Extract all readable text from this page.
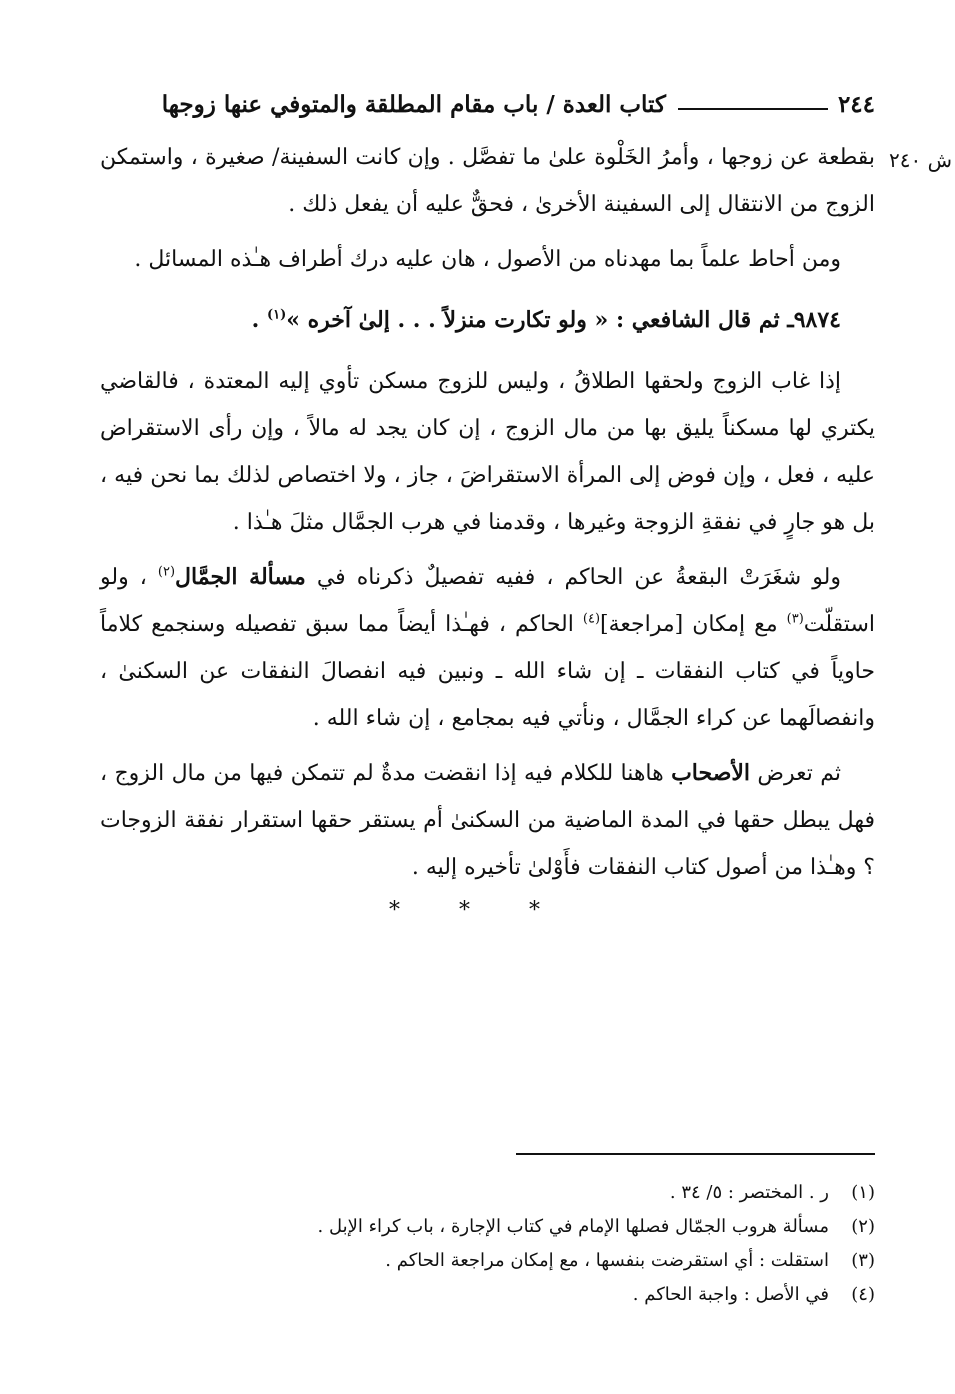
٢٤٤
كتاب العدة / باب مقام المطلقة والمتوفي عنها زوجها
ش ٢٤٠

بقطعة عن زوجها ، وأمرُ الخَلْوة علىٰ ما تفصَّل . وإن كانت السفينة/ صغيرة ، واستمكن الزوج من الانتقال إلى السفينة الأخرىٰ ، فحقٌّ عليه أن يفعل ذلك .

ومن أحاط علماً بما مهدناه من الأصول ، هان عليه درك أطراف هـٰذه المسائل .

٩٨٧٤ـ ثم قال الشافعي : « ولو تكارت منزلاً . . . إلىٰ آخره »$^{(١)}$ .

إذا غاب الزوج ولحقها الطلاقُ ، وليس للزوج مسكن تأوي إليه المعتدة ، فالقاضي يكتري لها مسكناً يليق بها من مال الزوج ، إن كان يجد له مالاً ، وإن رأى الاستقراض عليه ، فعل ، وإن فوض إلى المرأة الاستقراضَ ، جاز ، ولا اختصاص لذلك بما نحن فيه ، بل هو جارٍ في نفقةِ الزوجة وغيرها ، وقدمنا في هرب الجمَّال مثلَ هـٰذا .

ولو شغَرَتْ البقعةُ عن الحاكم ، ففيه تفصيلٌ ذكرناه في مسألة الجمَّال$^{(٢)}$ ، ولو استقلّت$^{(٣)}$ مع إمكان [مراجعة]$^{(٤)}$ الحاكم ، فهـٰذا أيضاً مما سبق تفصيله وسنجمع كلاماً حاوياً في كتاب النفقات ـ إن شاء الله ـ ونبين فيه انفصالَ النفقات عن السكنىٰ ، وانفصالَهما عن كراء الجمَّال ، ونأتي فيه بمجامع ، إن شاء الله .

ثم تعرض الأصحاب هاهنا للكلام فيه إذا انقضت مدةٌ لم تتمكن فيها من مال الزوج ، فهل يبطل حقها في المدة الماضية من السكنىٰ أم يستقر حقها استقرار نفقة الزوجات ؟ وهـٰذا من أصول كتاب النفقات فأَوْلىٰ تأخيره إليه .

* * *
(١)
ر . المختصر : ٥/ ٣٤ .
(٢)
مسألة هروب الجمّال فصلها الإمام في كتاب الإجارة ، باب كراء الإبل .
(٣)
استقلت : أي استقرضت بنفسها ، مع إمكان مراجعة الحاكم .
(٤)
في الأصل : واجبة الحاكم .
